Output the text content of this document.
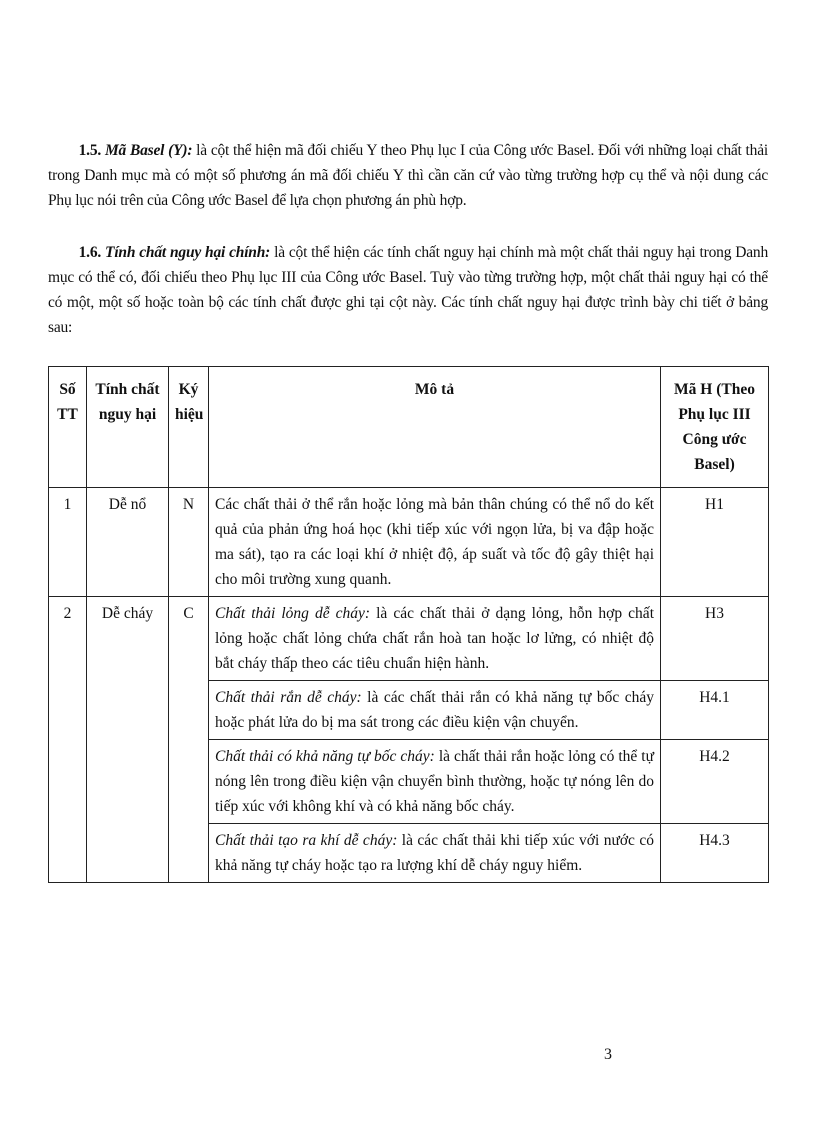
  1.5. Mã Basel (Y): là cột thể hiện mã đối chiếu Y theo Phụ lục I của Công ước Basel. Đối với những loại chất thải trong Danh mục mà có một số phương án mã đối chiếu Y thì cần căn cứ vào từng trường hợp cụ thể và nội dung các Phụ lục nói trên của Công ước Basel để lựa chọn phương án phù hợp.
  1.6. Tính chất nguy hại chính: là cột thể hiện các tính chất nguy hại chính mà một chất thải nguy hại trong Danh mục có thể có, đối chiếu theo Phụ lục III của Công ước Basel. Tuỳ vào từng trường hợp, một chất thải nguy hại có thể có một, một số hoặc toàn bộ các tính chất được ghi tại cột này. Các tính chất nguy hại được trình bày chi tiết ở bảng sau:
Số TT	Tính chất nguy hại	Ký hiệu	Mô tả	Mã H (Theo Phụ lục III Công ước Basel)
1	Dễ nổ	N	Các chất thải ở thể rắn hoặc lỏng mà bản thân chúng có thể nổ do kết quả của phản ứng hoá học (khi tiếp xúc với ngọn lửa, bị va đập hoặc ma sát), tạo ra các loại khí ở nhiệt độ, áp suất và tốc độ gây thiệt hại cho môi trường xung quanh.	H1
2	Dễ cháy	C	Chất thải lỏng dễ cháy: là các chất thải ở dạng lỏng, hỗn hợp chất lỏng hoặc chất lỏng chứa chất rắn hoà tan hoặc lơ lửng, có nhiệt độ bắt cháy thấp theo các tiêu chuẩn hiện hành.	H3
			Chất thải rắn dễ cháy: là các chất thải rắn có khả năng tự bốc cháy hoặc phát lửa do bị ma sát trong các điều kiện vận chuyển.	H4.1
			Chất thải có khả năng tự bốc cháy: là chất thải rắn hoặc lỏng có thể tự nóng lên trong điều kiện vận chuyển bình thường, hoặc tự nóng lên do tiếp xúc với không khí và có khả năng bốc cháy.	H4.2
			Chất thải tạo ra khí dễ cháy: là các chất thải khi tiếp xúc với nước có khả năng tự cháy hoặc tạo ra lượng khí dễ cháy nguy hiểm.	H4.3
3
